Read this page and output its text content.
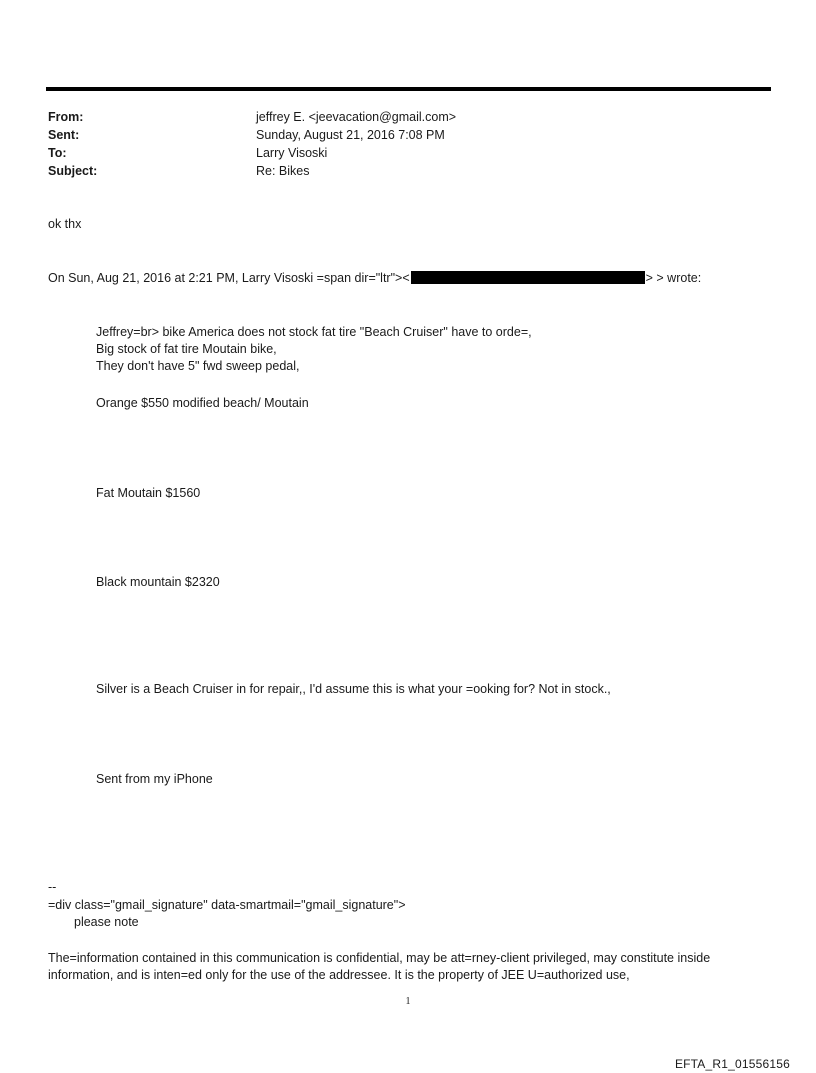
From:	jeffrey E. <jeevacation@gmail.com>
Sent:	Sunday, August 21, 2016 7:08 PM
To:	Larry Visoski
Subject:	Re: Bikes
ok thx
On Sun, Aug 21, 2016 at 2:21 PM, Larry Visoski =span dir="ltr"><	> > wrote:
Jeffrey=br> bike America does not stock fat tire "Beach Cruiser" have to orde=,
Big stock of fat tire Moutain bike,
They don't have 5" fwd sweep pedal,
Orange $550 modified beach/ Moutain
Fat Moutain $1560
Black mountain $2320
Silver is a Beach Cruiser in for repair,, I'd assume this is what your =ooking for? Not in stock.,
Sent from my iPhone
--
=div class="gmail_signature" data-smartmail="gmail_signature">
please note
The=information contained in this communication is confidential, may be att=rney-client privileged, may constitute inside information, and is inten=ed only for the use of the addressee. It is the property of JEE U=authorized use,
1
EFTA_R1_01556156
